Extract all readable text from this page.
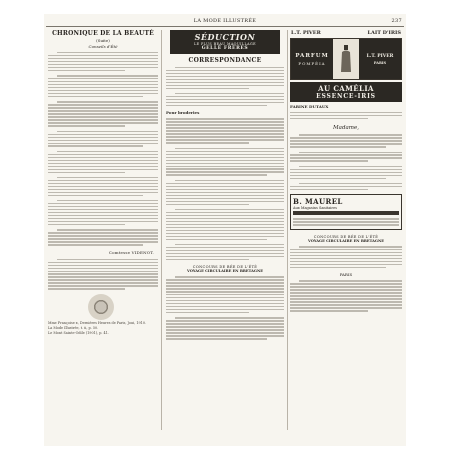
LA MODE ILLUSTRÉE	237
CHRONIQUE DE LA BEAUTÉ
(Suite)
Conseils d'Été
Comtesse VIDENOT.
Mme Françoise x, Dernières Heures de Paris, Joui, 1910.
La Mode Illustrée, t. ii, p. 50.
Le Mont Sainte-Odile (1901), p. 41.
SÉDUCTION
LE PLUS BEAU MAQUILLAGE
GELLÉ FRÈRES
CORRESPONDANCE
Pour broderies
CONCOURS DE BÉE DE L'ÉTÉ
VOYAGE CIRCULAIRE EN BRETAGNE
L.T. PIVER	LAIT D'IRIS
PARFUM
POMPÉIA
L.T. PIVER
PARIS
AU CAMÉLIA
ESSENCE-IRIS
FARINE DUTAUX
Madame,
B. MAUREL
Aux Magasins Sanitaires
CONCOURS DE BÉE DE L'ÉTÉ
VOYAGE CIRCULAIRE EN BRETAGNE
PARIS
